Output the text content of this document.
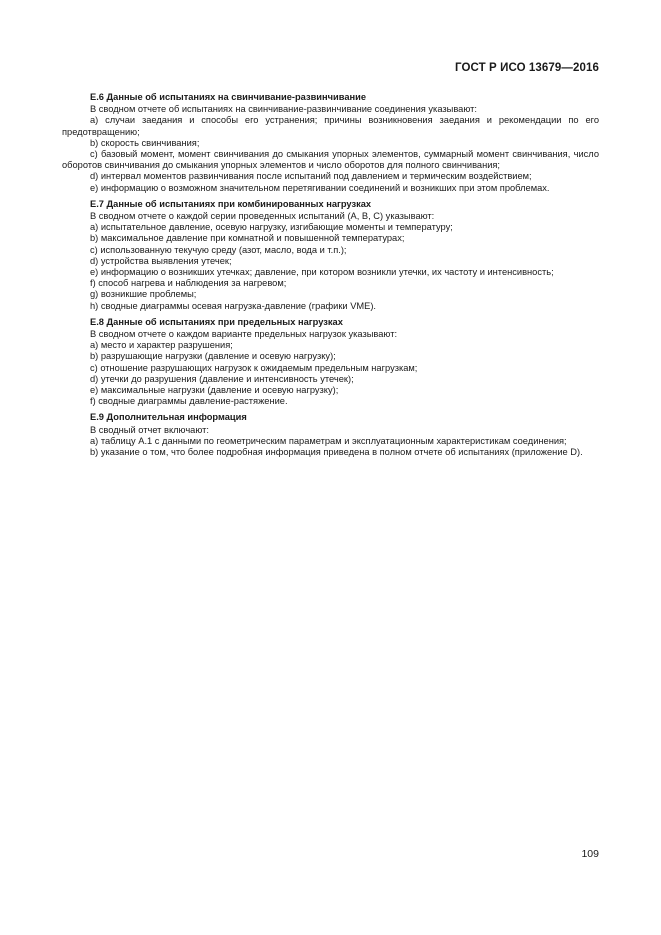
ГОСТ Р ИСО 13679—2016
Е.6 Данные об испытаниях на свинчивание-развинчивание

В сводном отчете об испытаниях на свинчивание-развинчивание соединения указывают:

a) случаи заедания и способы его устранения; причины возникновения заедания и рекомендации по его предотвращению;

b) скорость свинчивания;

c) базовый момент, момент свинчивания до смыкания упорных элементов, суммарный момент свинчивания, число оборотов свинчивания до смыкания упорных элементов и число оборотов для полного свинчивания;

d) интервал моментов развинчивания после испытаний под давлением и термическим воздействием;

e) информацию о возможном значительном перетягивании соединений и возникших при этом проблемах.

Е.7 Данные об испытаниях при комбинированных нагрузках

В сводном отчете о каждой серии проведенных испытаний (А, В, С) указывают:

a) испытательное давление, осевую нагрузку, изгибающие моменты и температуру;

b) максимальное давление при комнатной и повышенной температурах;

c) использованную текучую среду (азот, масло, вода и т.п.);

d) устройства выявления утечек;

e) информацию о возникших утечках; давление, при котором возникли утечки, их частоту и интенсивность;

f) способ нагрева и наблюдения за нагревом;

g) возникшие проблемы;

h) сводные диаграммы осевая нагрузка-давление (графики VME).

Е.8 Данные об испытаниях при предельных нагрузках

В сводном отчете о каждом варианте предельных нагрузок указывают:

a) место и характер разрушения;

b) разрушающие нагрузки (давление и осевую нагрузку);

c) отношение разрушающих нагрузок к ожидаемым предельным нагрузкам;

d) утечки до разрушения (давление и интенсивность утечек);

e) максимальные нагрузки (давление и осевую нагрузку);

f) сводные диаграммы давление-растяжение.

Е.9 Дополнительная информация

В сводный отчет включают:

a) таблицу А.1 с данными по геометрическим параметрам и эксплуатационным характеристикам соединения;

b) указание о том, что более подробная информация приведена в полном отчете об испытаниях (приложение D).

109
